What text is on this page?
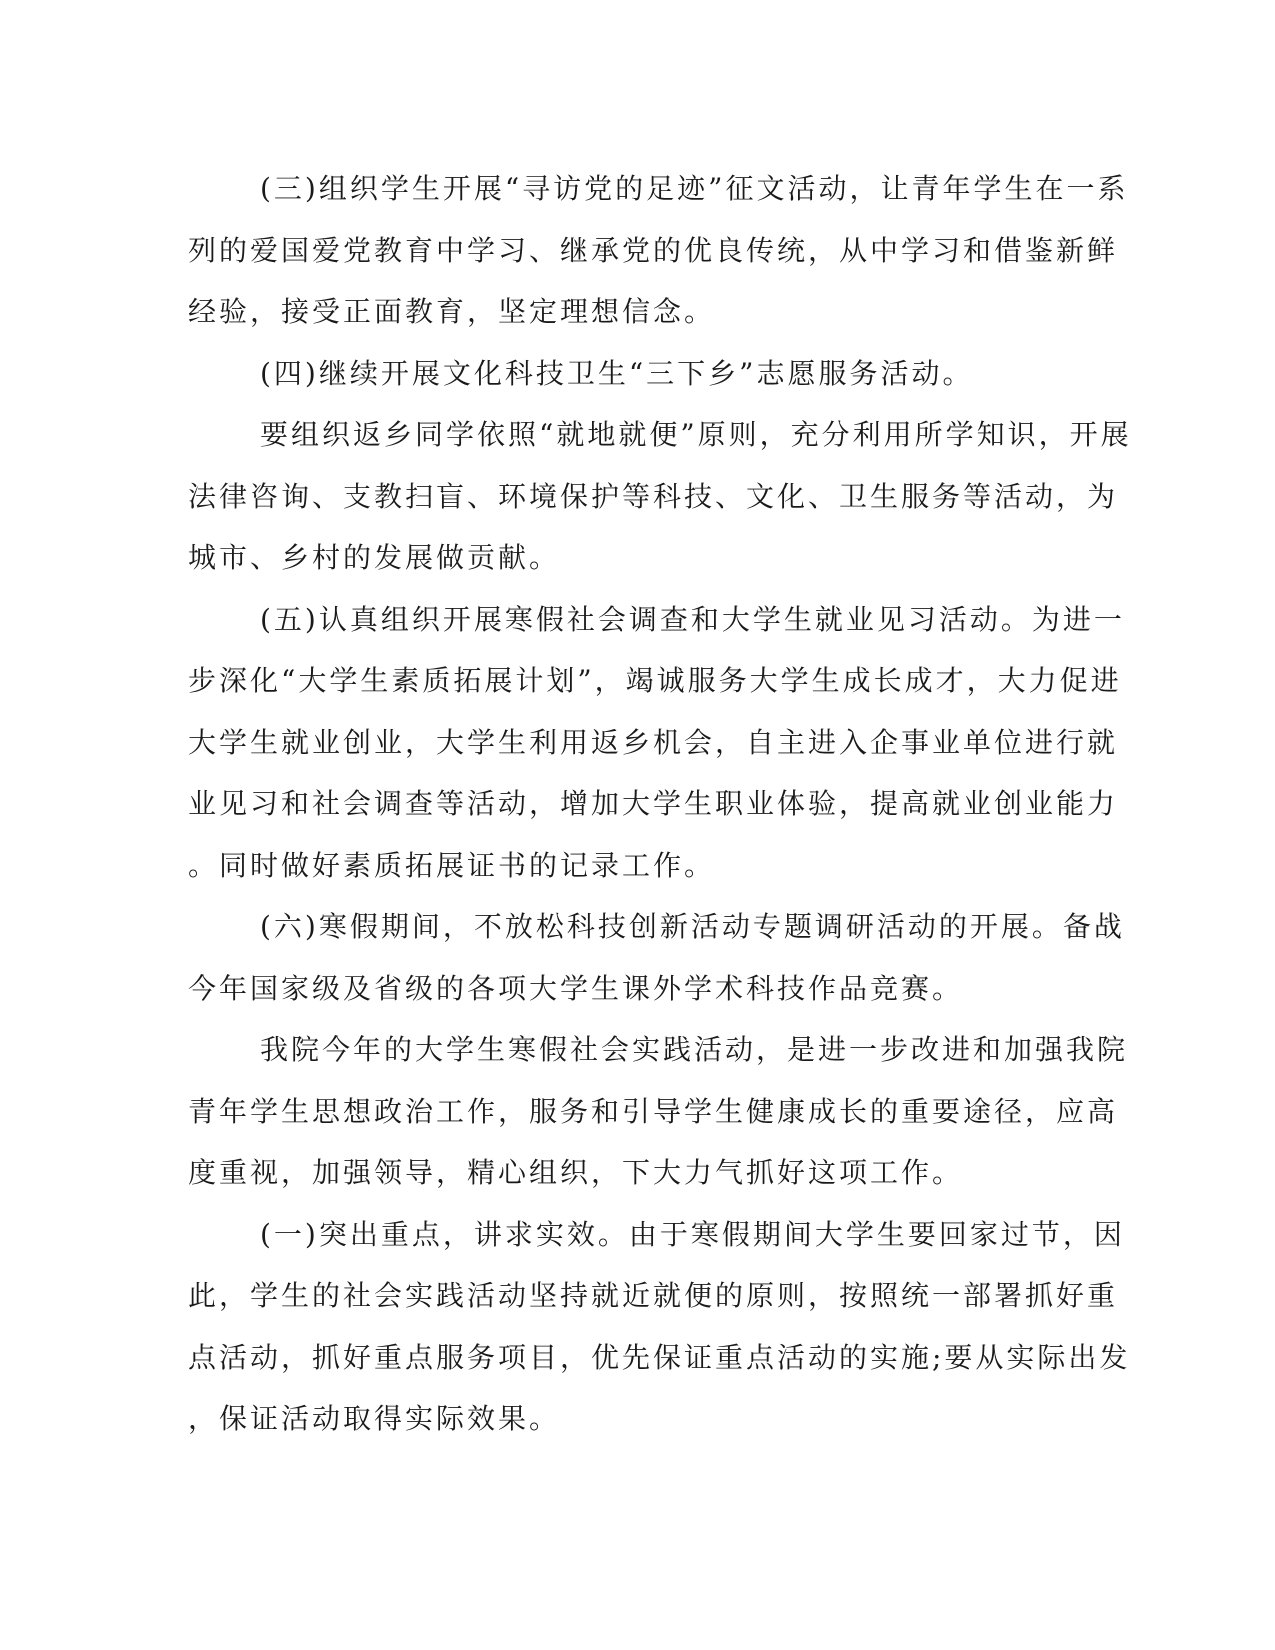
(三)组织学生开展“寻访党的足迹”征文活动，让青年学生在一系
列的爱国爱党教育中学习、继承党的优良传统，从中学习和借鉴新鲜
经验，接受正面教育，坚定理想信念。
(四)继续开展文化科技卫生“三下乡”志愿服务活动。
要组织返乡同学依照“就地就便”原则，充分利用所学知识，开展
法律咨询、支教扫盲、环境保护等科技、文化、卫生服务等活动，为
城市、乡村的发展做贡献。
(五)认真组织开展寒假社会调查和大学生就业见习活动。为进一
步深化“大学生素质拓展计划”，竭诚服务大学生成长成才，大力促进
大学生就业创业，大学生利用返乡机会，自主进入企事业单位进行就
业见习和社会调查等活动，增加大学生职业体验，提高就业创业能力
。同时做好素质拓展证书的记录工作。
(六)寒假期间，不放松科技创新活动专题调研活动的开展。备战
今年国家级及省级的各项大学生课外学术科技作品竞赛。
我院今年的大学生寒假社会实践活动，是进一步改进和加强我院
青年学生思想政治工作，服务和引导学生健康成长的重要途径，应高
度重视，加强领导，精心组织，下大力气抓好这项工作。
(一)突出重点，讲求实效。由于寒假期间大学生要回家过节，因
此，学生的社会实践活动坚持就近就便的原则，按照统一部署抓好重
点活动，抓好重点服务项目，优先保证重点活动的实施;要从实际出发
，保证活动取得实际效果。
